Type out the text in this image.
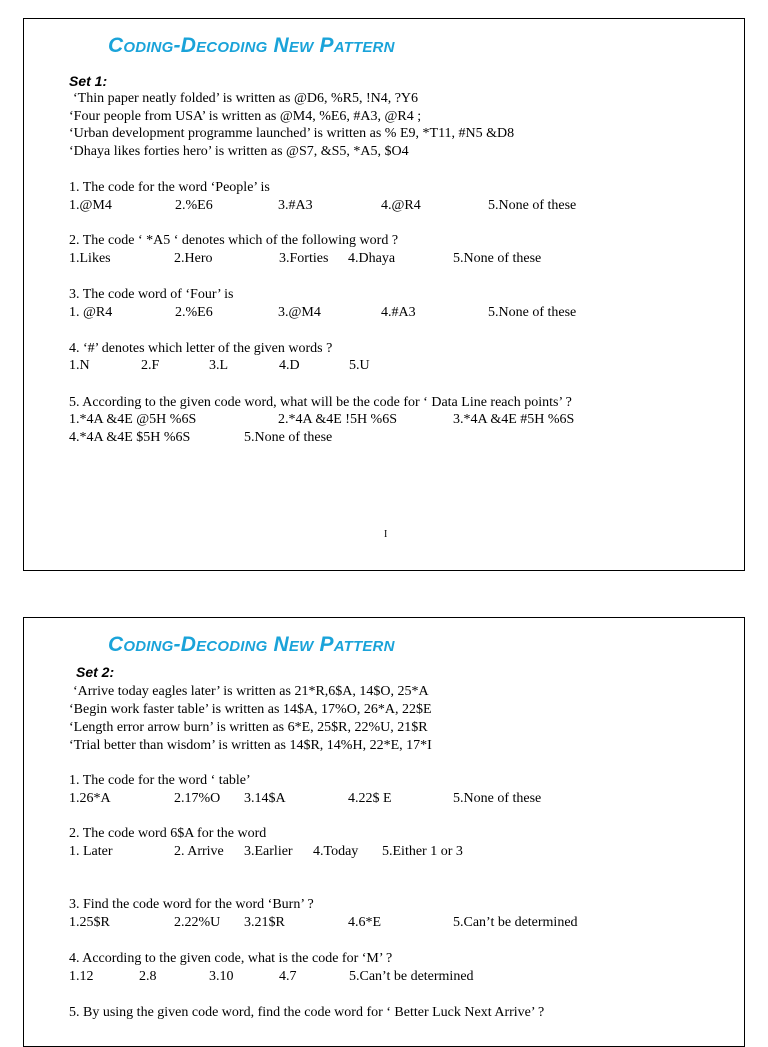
Coding-Decoding New Pattern
Set 1:
‘Thin paper neatly folded’ is written as @D6, %R5, !N4, ?Y6
‘Four people from USA’ is written as @M4, %E6, #A3, @R4 ;
‘Urban development programme launched’ is written as % E9, *T11, #N5 &D8
‘Dhaya likes forties hero’ is written as @S7, &S5, *A5, $O4
1. The code for the word ‘People’ is
1.@M4	2.%E6	3.#A3	4.@R4	5.None of these
2. The code ‘ *A5 ‘ denotes which of the following word ?
1.Likes	2.Hero	3.Forties 4.Dhaya	5.None of these
3. The code word of ‘Four’ is
1. @R4	2.%E6	3.@M4	4.#A3	5.None of these
4. ‘#’ denotes which letter of the given words ?
1.N	2.F	3.L	4.D	5.U
5. According to the given code word, what will be the code for ‘ Data Line reach points’ ?
1.*4A &4E @5H %6S	2.*4A &4E !5H %6S	3.*4A &4E #5H %6S
4.*4A &4E $5H %6S	5.None of these
I
Coding-Decoding New Pattern
Set 2:
‘Arrive today eagles later’ is written as 21*R,6$A, 14$O, 25*A
‘Begin work faster table’ is written as 14$A, 17%O, 26*A, 22$E
‘Length error arrow burn’ is written as 6*E, 25$R, 22%U, 21$R
‘Trial better than wisdom’ is written as 14$R, 14%H, 22*E, 17*I
1. The code for the word ‘ table’
1.26*A	2.17%O 3.14$A	4.22$ E	5.None of these
2. The code word 6$A for the word
1. Later	2. Arrive 3.Earlier 4.Today 5.Either 1 or 3
3. Find the code word for the word ‘Burn’ ?
1.25$R	2.22%U 3.21$R	4.6*E	5.Can’t be determined
4. According to the given code, what is the code for ‘M’ ?
1.12	2.8	3.10	4.7	5.Can’t be determined
5. By using the given code word, find the code word for ‘ Better Luck Next Arrive’ ?
